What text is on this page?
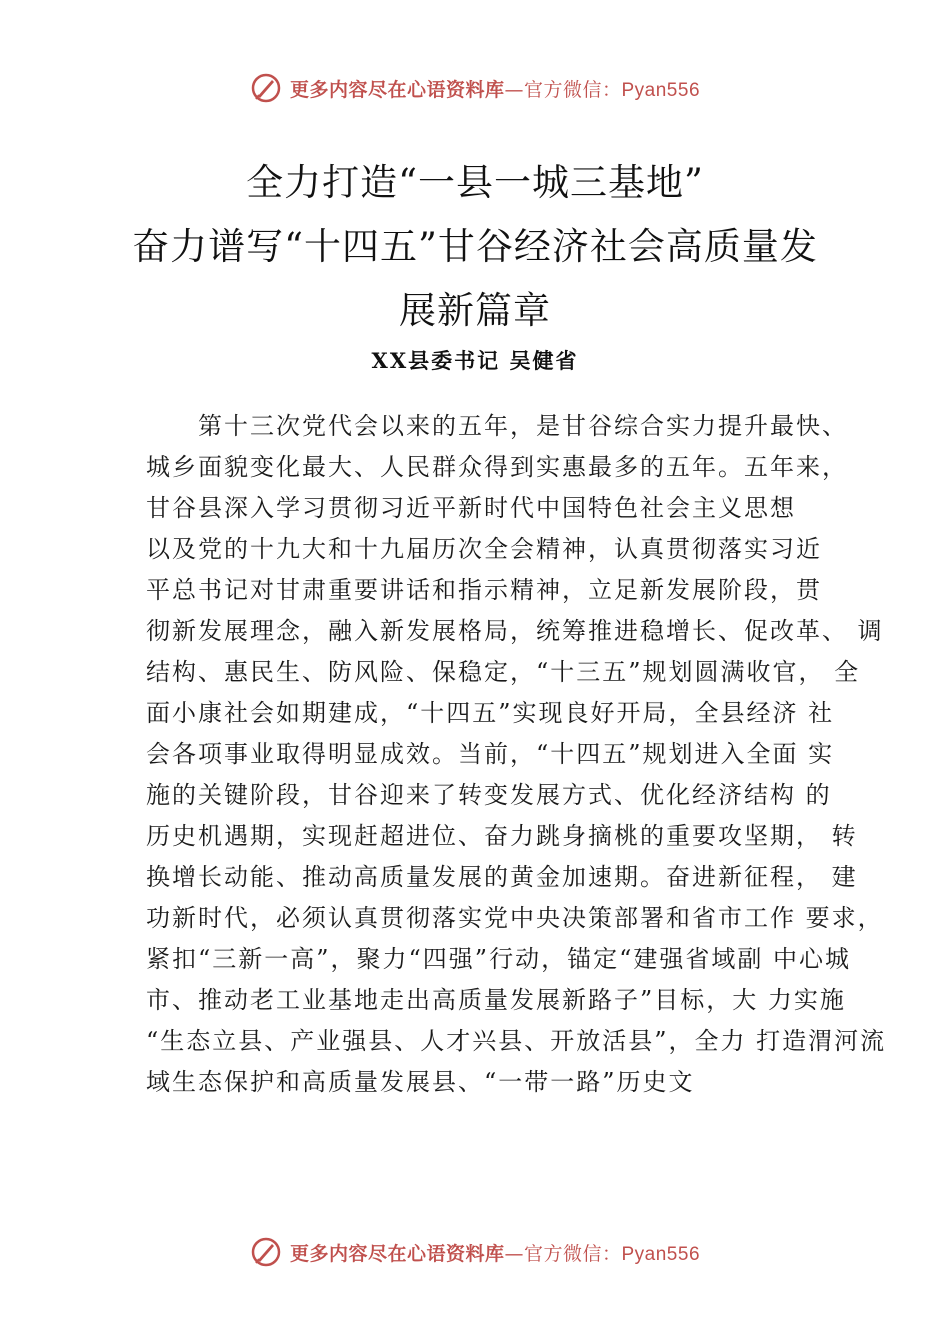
更多内容尽在心语资料库—官方微信：Pyan556
全力打造“一县一城三基地”
奋力谱写“十四五”甘谷经济社会高质量发
展新篇章
XX县委书记 吴健省
第十三次党代会以来的五年，是甘谷综合实力提升最快、
城乡面貌变化最大、人民群众得到实惠最多的五年。五年来，
甘谷县深入学习贯彻习近平新时代中国特色社会主义思想
以及党的十九大和十九届历次全会精神，认真贯彻落实习近
平总书记对甘肃重要讲话和指示精神，立足新发展阶段，贯
彻新发展理念，融入新发展格局，统筹推进稳增长、促改革、 调
结构、惠民生、防风险、保稳定，“十三五”规划圆满收官， 全
面小康社会如期建成，“十四五”实现良好开局，全县经济 社
会各项事业取得明显成效。当前，“十四五”规划进入全面 实
施的关键阶段，甘谷迎来了转变发展方式、优化经济结构 的
历史机遇期，实现赶超进位、奋力跳身摘桃的重要攻坚期， 转
换增长动能、推动高质量发展的黄金加速期。奋进新征程， 建
功新时代，必须认真贯彻落实党中央决策部署和省市工作 要求，
紧扣“三新一高”，聚力“四强”行动，锚定“建强省域副 中心城
市、推动老工业基地走出高质量发展新路子”目标，大 力实施
“生态立县、产业强县、人才兴县、开放活县”，全力 打造渭河流
域生态保护和高质量发展县、“一带一路”历史文
更多内容尽在心语资料库—官方微信：Pyan556
